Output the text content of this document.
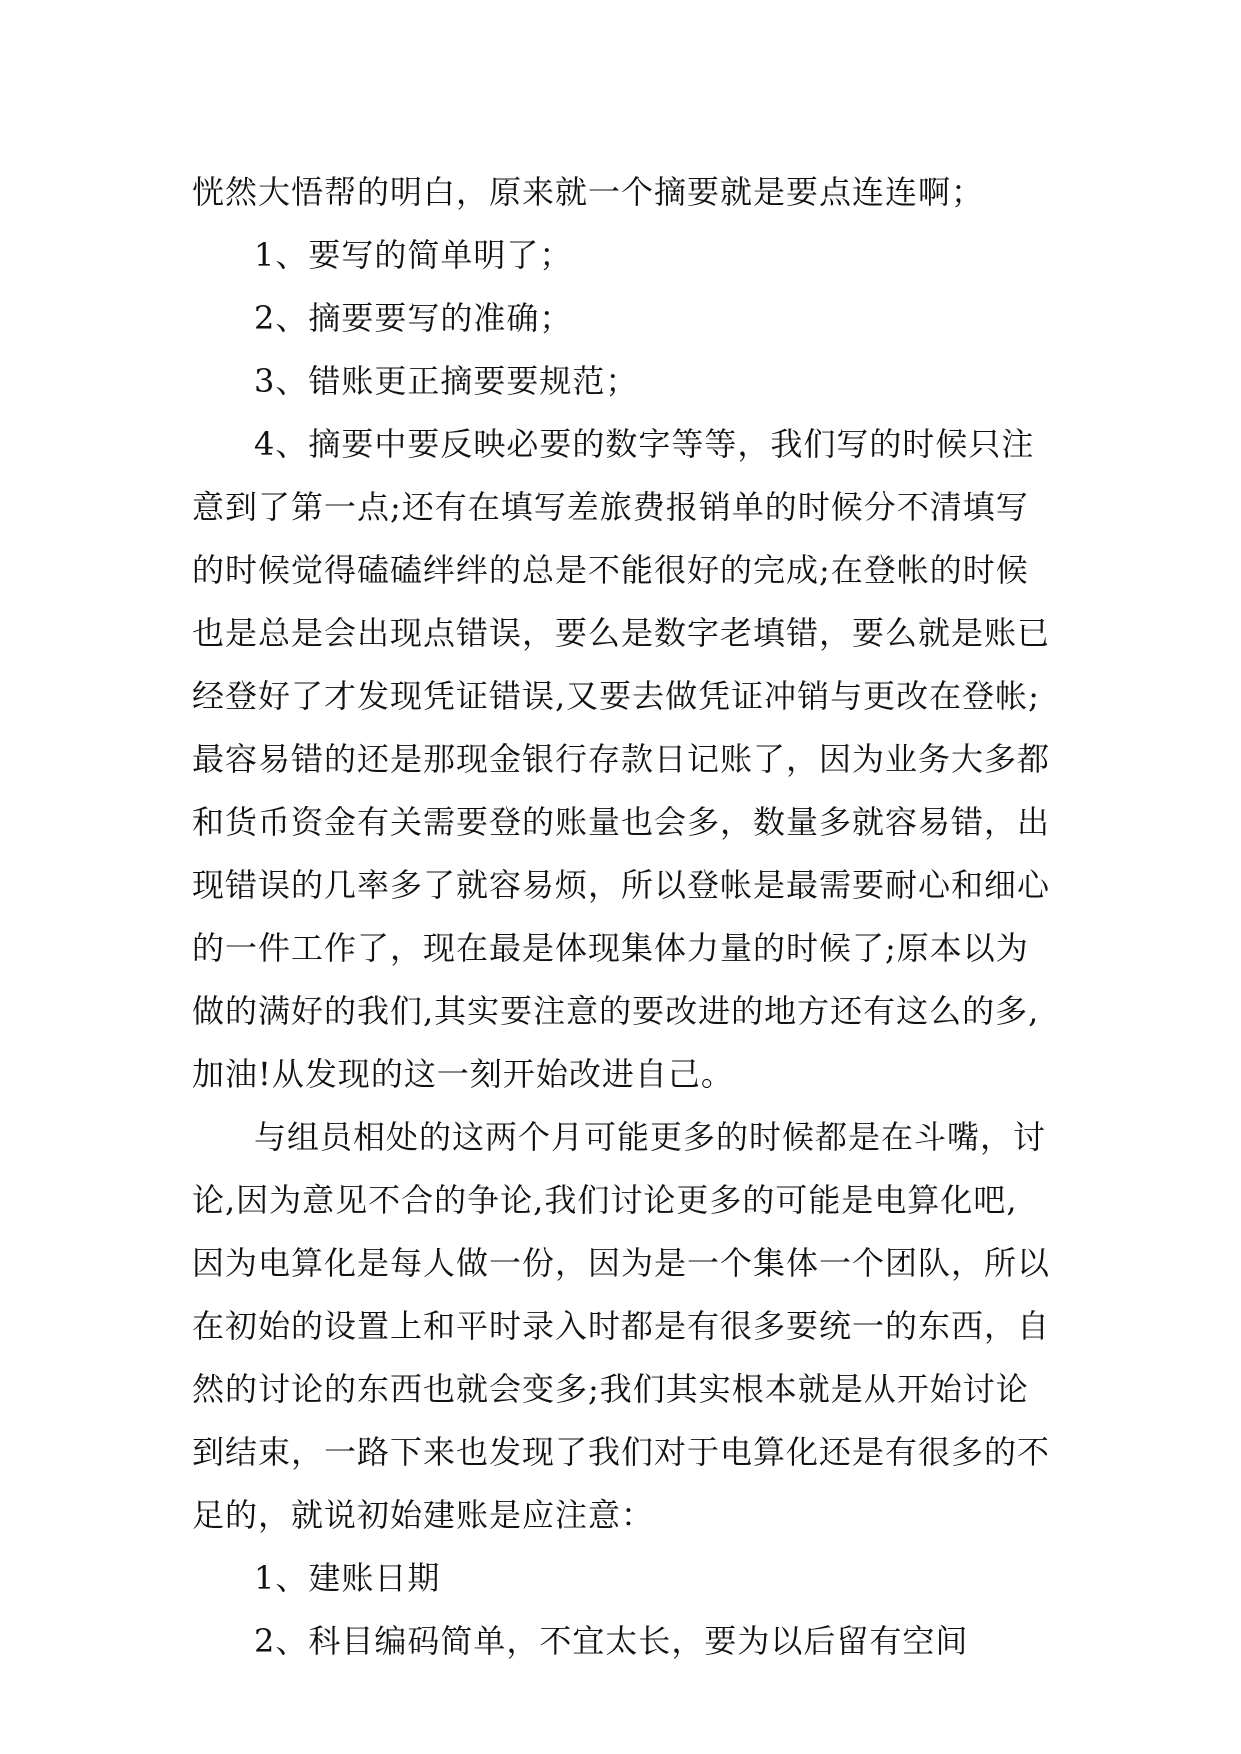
恍然大悟帮的明白，原来就一个摘要就是要点连连啊；
1、要写的简单明了；
2、摘要要写的准确；
3、错账更正摘要要规范；
4、摘要中要反映必要的数字等等，我们写的时候只注
意到了第一点;还有在填写差旅费报销单的时候分不清填写
的时候觉得磕磕绊绊的总是不能很好的完成;在登帐的时候
也是总是会出现点错误，要么是数字老填错，要么就是账已
经登好了才发现凭证错误,又要去做凭证冲销与更改在登帐;
最容易错的还是那现金银行存款日记账了，因为业务大多都
和货币资金有关需要登的账量也会多，数量多就容易错，出
现错误的几率多了就容易烦，所以登帐是最需要耐心和细心
的一件工作了，现在最是体现集体力量的时候了;原本以为
做的满好的我们,其实要注意的要改进的地方还有这么的多,
加油!从发现的这一刻开始改进自己。
与组员相处的这两个月可能更多的时候都是在斗嘴，讨
论,因为意见不合的争论,我们讨论更多的可能是电算化吧,
因为电算化是每人做一份，因为是一个集体一个团队，所以
在初始的设置上和平时录入时都是有很多要统一的东西，自
然的讨论的东西也就会变多;我们其实根本就是从开始讨论
到结束，一路下来也发现了我们对于电算化还是有很多的不
足的，就说初始建账是应注意：
1、建账日期
2、科目编码简单，不宜太长，要为以后留有空间
